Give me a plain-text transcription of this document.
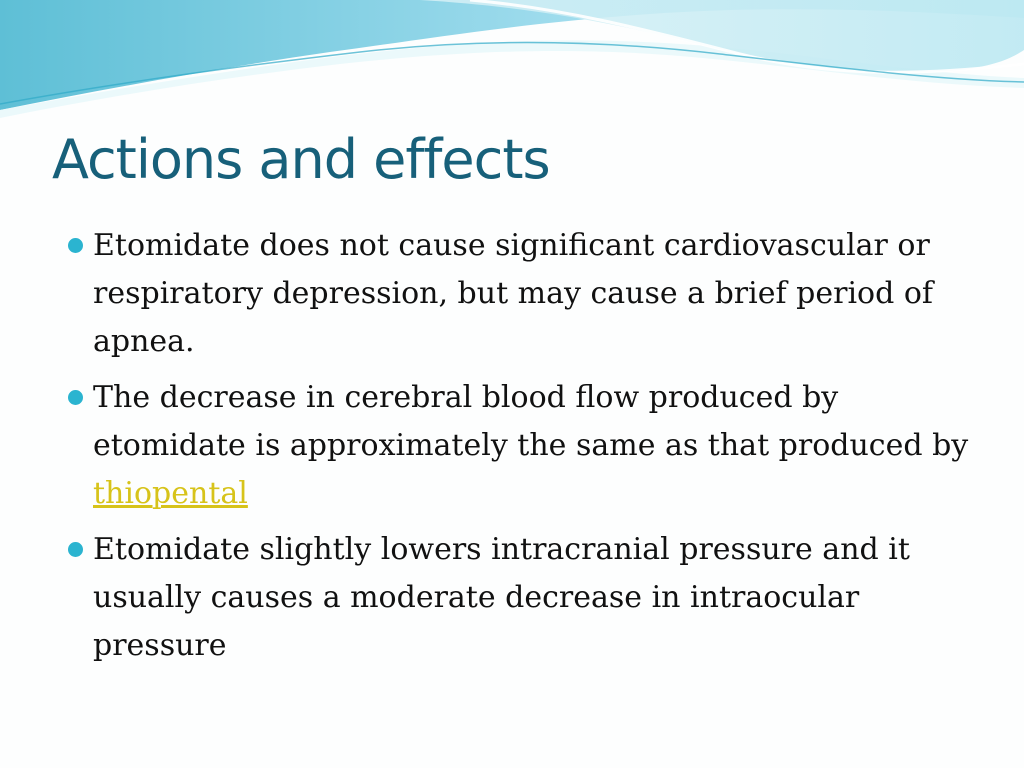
Actions and effects
Etomidate does not cause significant cardiovascular or respiratory depression, but may cause a brief period of apnea.
The decrease in cerebral blood flow produced by etomidate is approximately the same as that produced by thiopental
Etomidate slightly lowers intracranial pressure and it usually causes a moderate decrease in intraocular pressure
